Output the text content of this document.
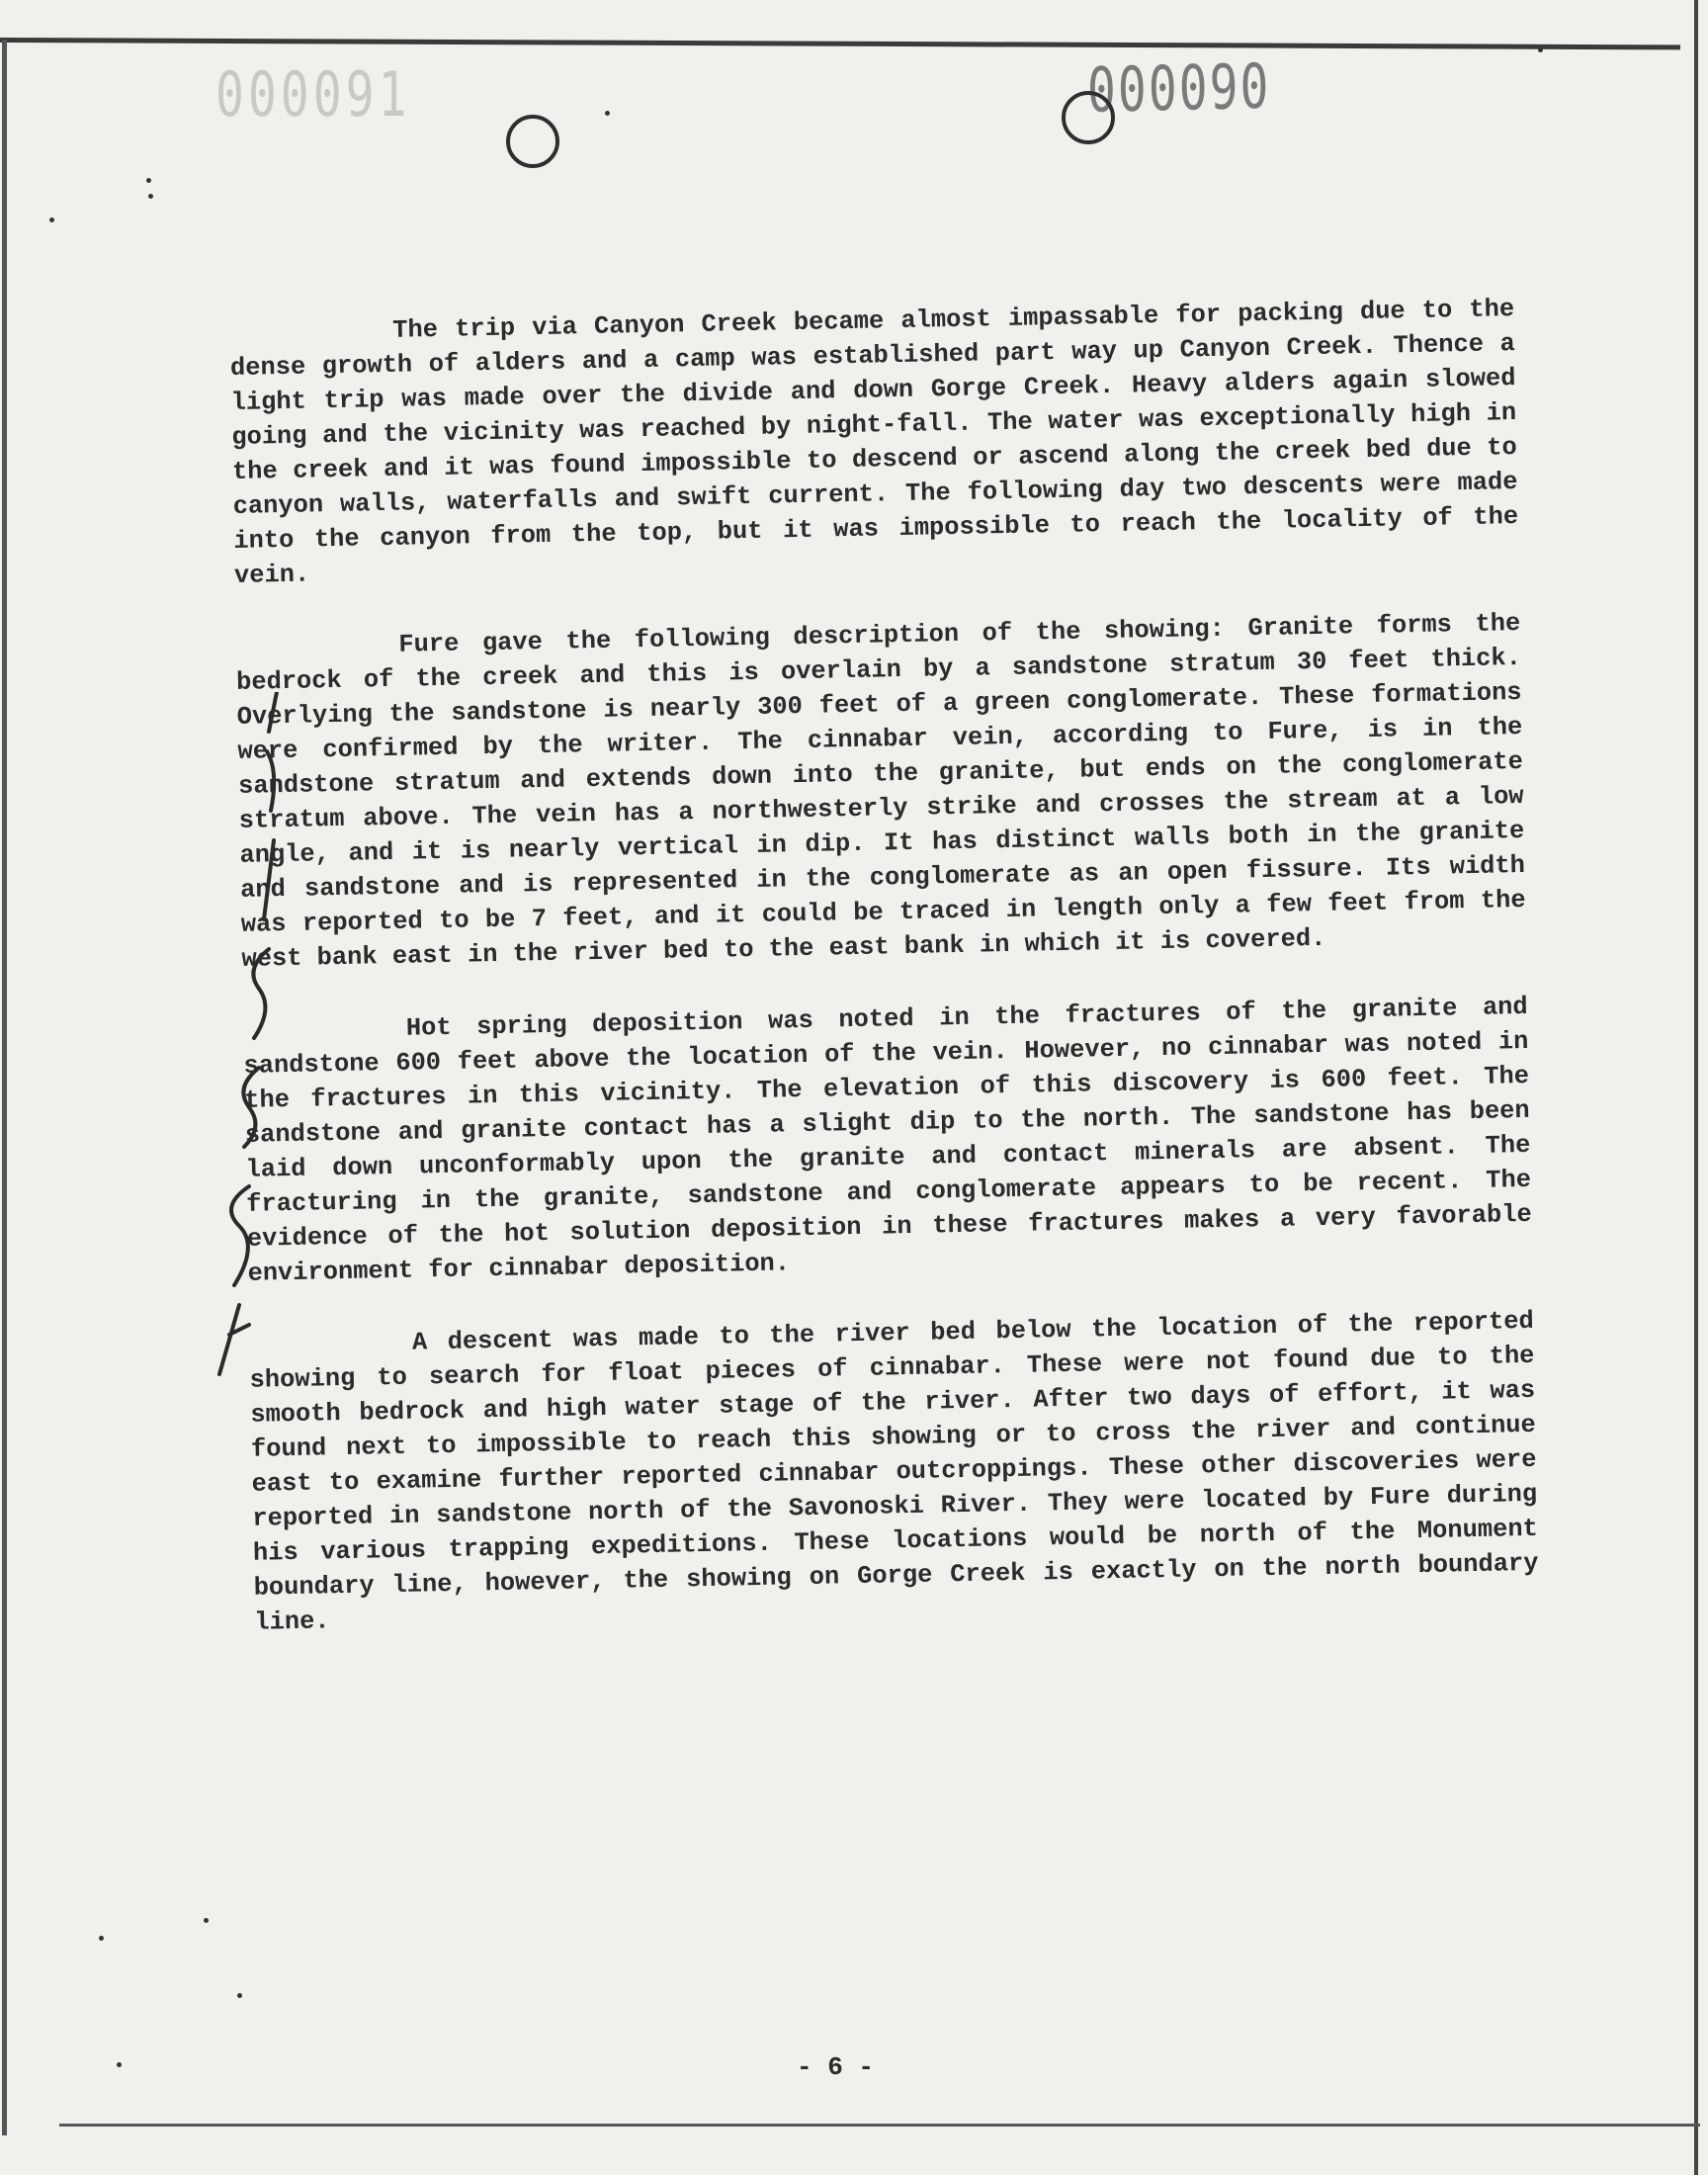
000091	000090

The trip via Canyon Creek became almost impassable for packing due to the dense growth of alders and a camp was established part way up Canyon Creek. Thence a light trip was made over the divide and down Gorge Creek. Heavy alders again slowed going and the vicinity was reached by night-fall. The water was exceptionally high in the creek and it was found impossible to descend or ascend along the creek bed due to canyon walls, waterfalls and swift current. The following day two descents were made into the canyon from the top, but it was impossible to reach the locality of the vein.

Fure gave the following description of the showing: Granite forms the bedrock of the creek and this is overlain by a sandstone stratum 30 feet thick. Overlying the sandstone is nearly 300 feet of a green conglomerate. These formations were confirmed by the writer. The cinnabar vein, according to Fure, is in the sandstone stratum and extends down into the granite, but ends on the conglomerate stratum above. The vein has a northwesterly strike and crosses the stream at a low angle, and it is nearly vertical in dip. It has distinct walls both in the granite and sandstone and is represented in the conglomerate as an open fissure. Its width was reported to be 7 feet, and it could be traced in length only a few feet from the west bank east in the river bed to the east bank in which it is covered.

Hot spring deposition was noted in the fractures of the granite and sandstone 600 feet above the location of the vein. However, no cinnabar was noted in the fractures in this vicinity. The elevation of this discovery is 600 feet. The sandstone and granite contact has a slight dip to the north. The sandstone has been laid down unconformably upon the granite and contact minerals are absent. The fracturing in the granite, sandstone and conglomerate appears to be recent. The evidence of the hot solution deposition in these fractures makes a very favorable environment for cinnabar deposition.

A descent was made to the river bed below the location of the reported showing to search for float pieces of cinnabar. These were not found due to the smooth bedrock and high water stage of the river. After two days of effort, it was found next to impossible to reach this showing or to cross the river and continue east to examine further reported cinnabar outcroppings. These other discoveries were reported in sandstone north of the Savonoski River. They were located by Fure during his various trapping expeditions. These locations would be north of the Monument boundary line, however, the showing on Gorge Creek is exactly on the north boundary line.

- 6 -
